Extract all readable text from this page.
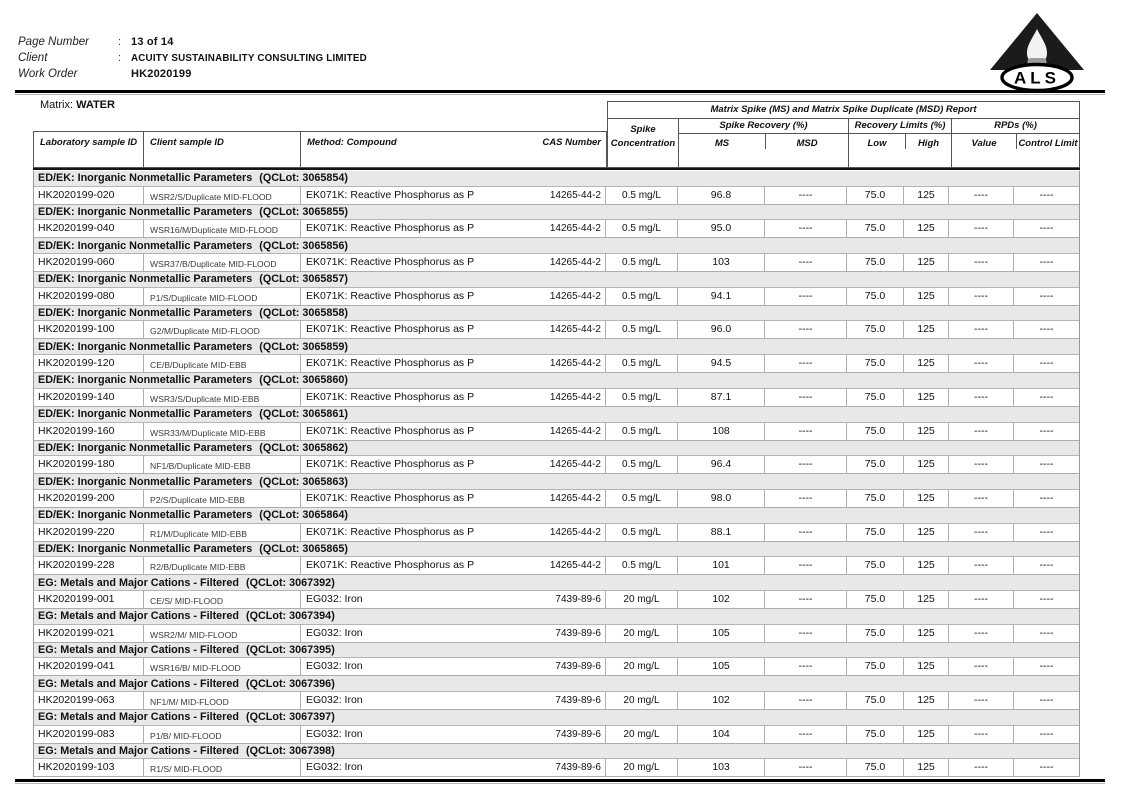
Page Number	: 13 of 14
Client	:	ACUITY SUSTAINABILITY CONSULTING LIMITED
Work Order	HK2020199	ALS
Matrix: WATER
Laboratory sample ID	Client sample ID	Method: Compound	CAS Number
Matrix Spike (MS) and Matrix Spike Duplicate (MSD) Report
Spike Concentration
Spike Recovery (%)
MS	MSD
Recovery Limits (%)
Low	High
RPDs (%)
Value	Control Limit
ED/EK: Inorganic Nonmetallic Parameters (QCLot: 3065854)
HK2020199-020	WSR2/S/Duplicate MID-FLOOD	EK071K: Reactive Phosphorus as P	14265-44-2	0.5 mg/L	96.8	----	75.0	125	----	----
ED/EK: Inorganic Nonmetallic Parameters (QCLot: 3065855)
HK2020199-040	WSR16/M/Duplicate MID-FLOOD	EK071K: Reactive Phosphorus as P	14265-44-2	0.5 mg/L	95.0	----	75.0	125	----	----
ED/EK: Inorganic Nonmetallic Parameters (QCLot: 3065856)
HK2020199-060	WSR37/B/Duplicate MID-FLOOD	EK071K: Reactive Phosphorus as P	14265-44-2	0.5 mg/L	103	----	75.0	125	----	----
ED/EK: Inorganic Nonmetallic Parameters (QCLot: 3065857)
HK2020199-080	P1/S/Duplicate MID-FLOOD	EK071K: Reactive Phosphorus as P	14265-44-2	0.5 mg/L	94.1	----	75.0	125	----	----
ED/EK: Inorganic Nonmetallic Parameters (QCLot: 3065858)
HK2020199-100	G2/M/Duplicate MID-FLOOD	EK071K: Reactive Phosphorus as P	14265-44-2	0.5 mg/L	96.0	----	75.0	125	----	----
ED/EK: Inorganic Nonmetallic Parameters (QCLot: 3065859)
HK2020199-120	CE/B/Duplicate MID-EBB	EK071K: Reactive Phosphorus as P	14265-44-2	0.5 mg/L	94.5	----	75.0	125	----	----
ED/EK: Inorganic Nonmetallic Parameters (QCLot: 3065860)
HK2020199-140	WSR3/S/Duplicate MID-EBB	EK071K: Reactive Phosphorus as P	14265-44-2	0.5 mg/L	87.1	----	75.0	125	----	----
ED/EK: Inorganic Nonmetallic Parameters (QCLot: 3065861)
HK2020199-160	WSR33/M/Duplicate MID-EBB	EK071K: Reactive Phosphorus as P	14265-44-2	0.5 mg/L	108	----	75.0	125	----	----
ED/EK: Inorganic Nonmetallic Parameters (QCLot: 3065862)
HK2020199-180	NF1/B/Duplicate MID-EBB	EK071K: Reactive Phosphorus as P	14265-44-2	0.5 mg/L	96.4	----	75.0	125	----	----
ED/EK: Inorganic Nonmetallic Parameters (QCLot: 3065863)
HK2020199-200	P2/S/Duplicate MID-EBB	EK071K: Reactive Phosphorus as P	14265-44-2	0.5 mg/L	98.0	----	75.0	125	----	----
ED/EK: Inorganic Nonmetallic Parameters (QCLot: 3065864)
HK2020199-220	R1/M/Duplicate MID-EBB	EK071K: Reactive Phosphorus as P	14265-44-2	0.5 mg/L	88.1	----	75.0	125	----	----
ED/EK: Inorganic Nonmetallic Parameters (QCLot: 3065865)
HK2020199-228	R2/B/Duplicate MID-EBB	EK071K: Reactive Phosphorus as P	14265-44-2	0.5 mg/L	101	----	75.0	125	----	----
EG: Metals and Major Cations - Filtered (QCLot: 3067392)
HK2020199-001	CE/S/ MID-FLOOD	EG032: Iron	7439-89-6	20 mg/L	102	----	75.0	125	----	----
EG: Metals and Major Cations - Filtered (QCLot: 3067394)
HK2020199-021	WSR2/M/ MID-FLOOD	EG032: Iron	7439-89-6	20 mg/L	105	----	75.0	125	----	----
EG: Metals and Major Cations - Filtered (QCLot: 3067395)
HK2020199-041	WSR16/B/ MID-FLOOD	EG032: Iron	7439-89-6	20 mg/L	105	----	75.0	125	----	----
EG: Metals and Major Cations - Filtered (QCLot: 3067396)
HK2020199-063	NF1/M/ MID-FLOOD	EG032: Iron	7439-89-6	20 mg/L	102	----	75.0	125	----	----
EG: Metals and Major Cations - Filtered (QCLot: 3067397)
HK2020199-083	P1/B/ MID-FLOOD	EG032: Iron	7439-89-6	20 mg/L	104	----	75.0	125	----	----
EG: Metals and Major Cations - Filtered (QCLot: 3067398)
HK2020199-103	R1/S/ MID-FLOOD	EG032: Iron	7439-89-6	20 mg/L	103	----	75.0	125	----	----
